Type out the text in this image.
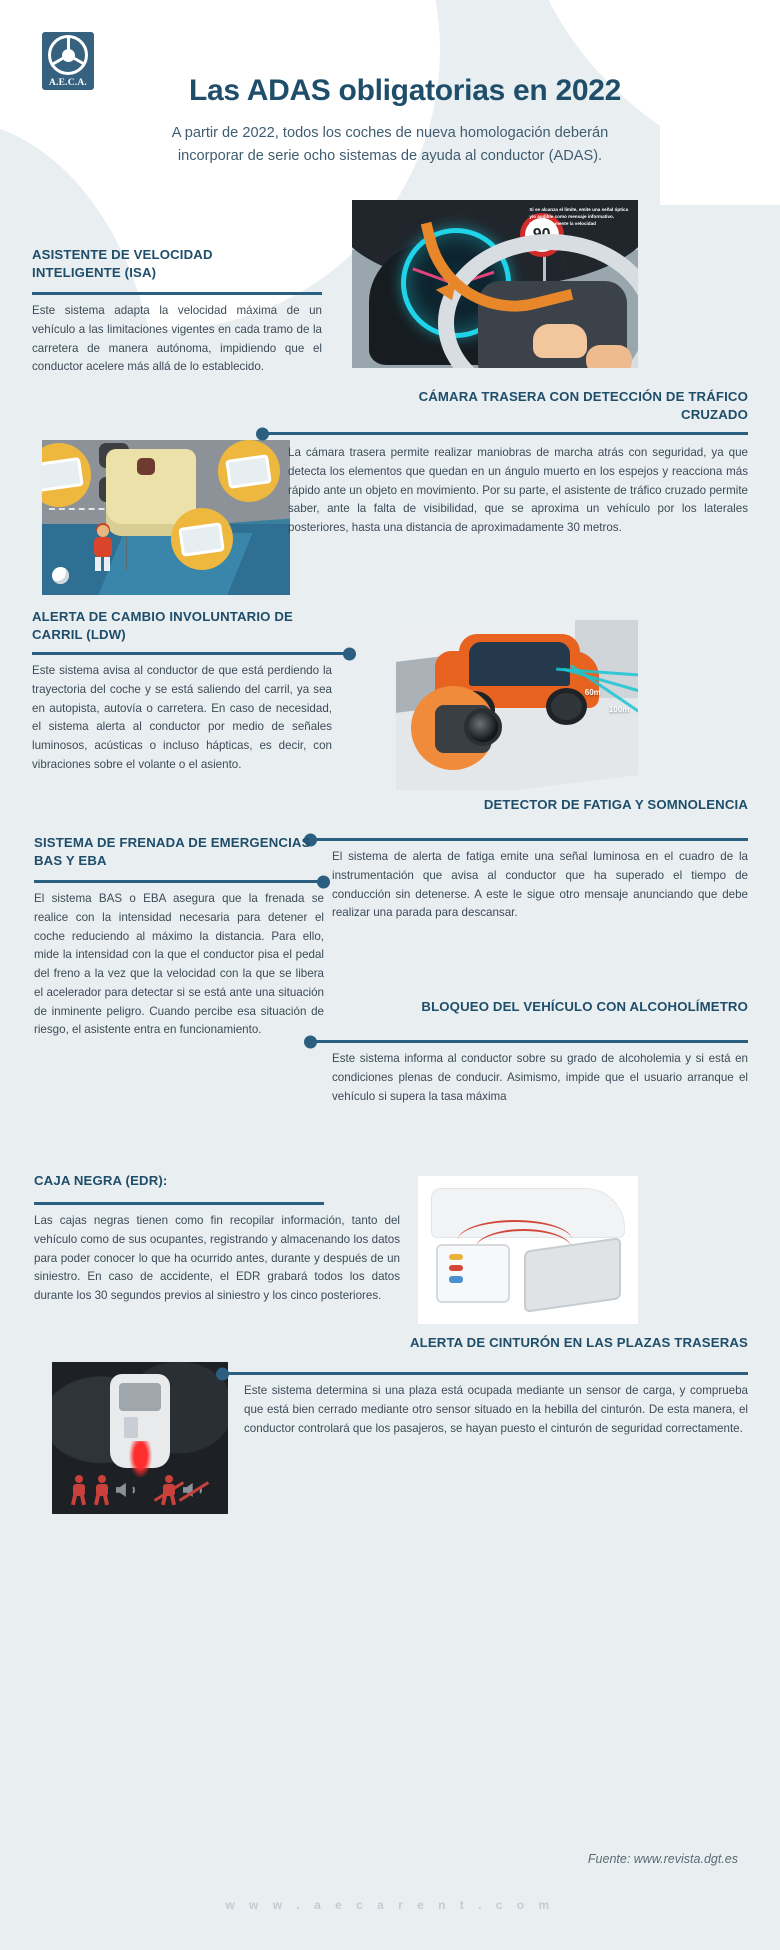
A.E.C.A.	Las ADAS obligatorias en 2022
A partir de 2022, todos los coches de nueva homologación deberán incorporar de serie ocho sistemas de ayuda al conductor (ADAS).
90
Si se alcanza el límite, emite una señal óptica y/o audible como mensaje informativo. Instantáneamente la velocidad
ASISTENTE DE VELOCIDAD INTELIGENTE (ISA)
Este sistema adapta la velocidad máxima de un vehículo a las limitaciones vigentes en cada tramo de la carretera de manera autónoma, impidiendo que el conductor acelere más allá de lo establecido.
CÁMARA TRASERA CON DETECCIÓN DE TRÁFICO CRUZADO
La cámara trasera permite realizar maniobras de marcha atrás con seguridad, ya que detecta los elementos que quedan en un ángulo muerto en los espejos y reacciona más rápido ante un objeto en movimiento. Por su parte, el asistente de tráfico cruzado permite saber, ante la falta de visibilidad, que se aproxima un vehículo por los laterales posteriores, hasta una distancia de aproximadamente 30 metros.
ALERTA DE CAMBIO INVOLUNTARIO DE CARRIL (LDW)
Este sistema avisa al conductor de que está perdiendo la trayectoria del coche y se está saliendo del carril, ya sea en autopista, autovía o carretera. En caso de necesidad, el sistema alerta al conductor por medio de señales luminosos, acústicas o incluso hápticas, es decir, con vibraciones sobre el volante o el asiento.
60m
100m
DETECTOR DE FATIGA Y SOMNOLENCIA
El sistema de alerta de fatiga emite una señal luminosa en el cuadro de la instrumentación que avisa al conductor que ha superado el tiempo de conducción sin detenerse. A este le sigue otro mensaje anunciando que debe realizar una parada para descansar.
SISTEMA DE FRENADA DE EMERGENCIAS BAS Y EBA
El sistema BAS o EBA asegura que la frenada se realice con la intensidad necesaria para detener el coche reduciendo al máximo la distancia. Para ello, mide la intensidad con la que el conductor pisa el pedal del freno a la vez que la velocidad con la que se libera el acelerador para detectar si se está ante una situación de inminente peligro. Cuando percibe esa situación de riesgo, el asistente entra en funcionamiento.
BLOQUEO DEL VEHÍCULO CON ALCOHOLÍMETRO
Este sistema informa al conductor sobre su grado de alcoholemia y si está en condiciones plenas de conducir. Asimismo, impide que el usuario arranque el vehículo si supera la tasa máxima
CAJA NEGRA (EDR):
Las cajas negras tienen como fin recopilar información, tanto del vehículo como de sus ocupantes, registrando y almacenando los datos para poder conocer lo que ha ocurrido antes, durante y después de un siniestro. En caso de accidente, el EDR grabará todos los datos durante los 30 segundos previos al siniestro y los cinco posteriores.
ALERTA DE CINTURÓN EN LAS PLAZAS TRASERAS
Este sistema determina si una plaza está ocupada mediante un sensor de carga, y comprueba que está bien cerrado mediante otro sensor situado en la hebilla del cinturón. De esta manera, el conductor controlará que los pasajeros, se hayan puesto el cinturón de seguridad correctamente.
Fuente: www.revista.dgt.es
w w w . a e c a r e n t . c o m
